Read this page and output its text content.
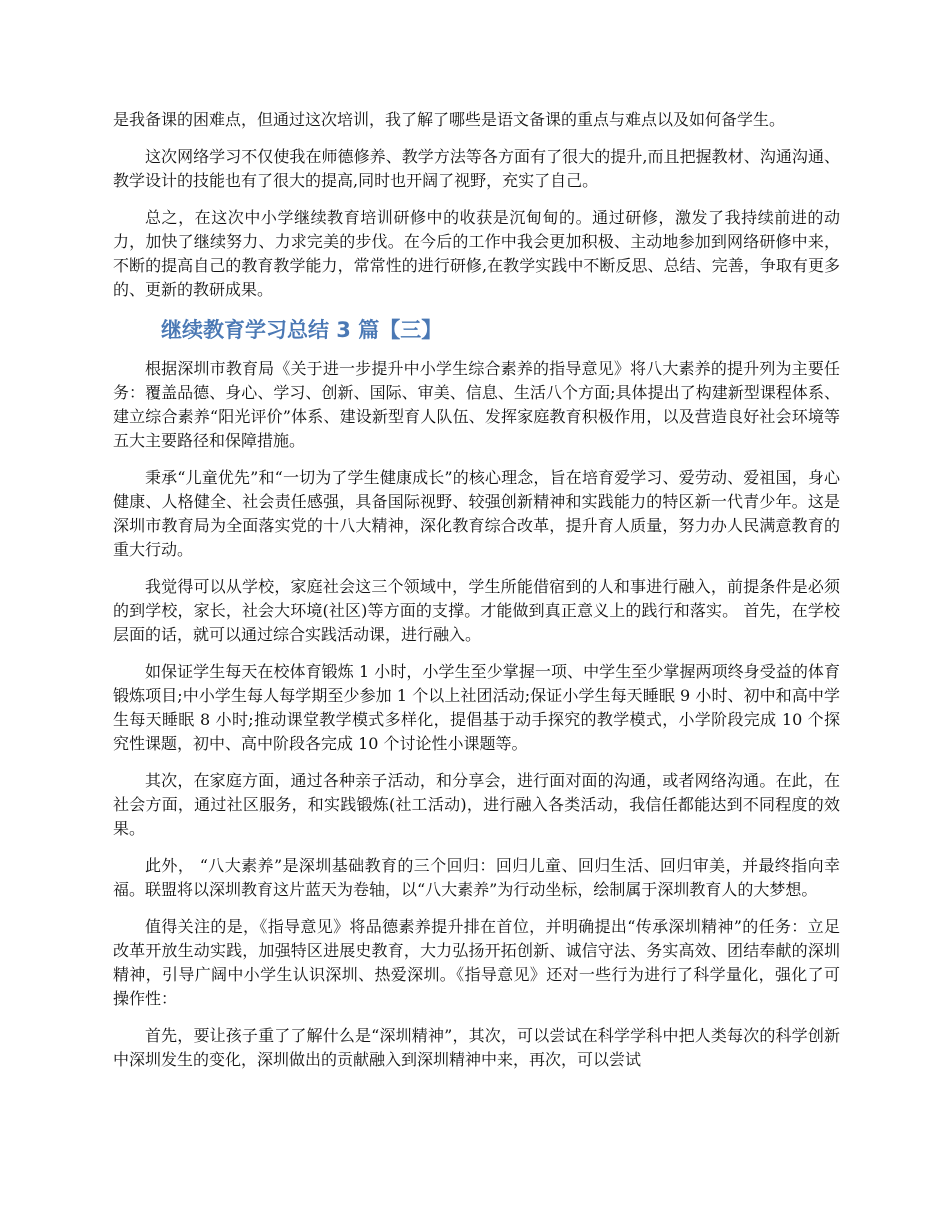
是我备课的困难点，但通过这次培训，我了解了哪些是语文备课的重点与难点以及如何备学生。

这次网络学习不仅使我在师德修养、教学方法等各方面有了很大的提升,而且把握教材、沟通沟通、教学设计的技能也有了很大的提高,同时也开阔了视野，充实了自己。

总之，在这次中小学继续教育培训研修中的收获是沉甸甸的。通过研修，激发了我持续前进的动力，加快了继续努力、力求完美的步伐。在今后的工作中我会更加积极、主动地参加到网络研修中来，不断的提高自己的教育教学能力，常常性的进行研修,在教学实践中不断反思、总结、完善，争取有更多的、更新的教研成果。

继续教育学习总结 3 篇【三】

根据深圳市教育局《关于进一步提升中小学生综合素养的指导意见》将八大素养的提升列为主要任务：覆盖品德、身心、学习、创新、国际、审美、信息、生活八个方面;具体提出了构建新型课程体系、建立综合素养“阳光评价”体系、建设新型育人队伍、发挥家庭教育积极作用，以及营造良好社会环境等五大主要路径和保障措施。

秉承“儿童优先”和“一切为了学生健康成长”的核心理念，旨在培育爱学习、爱劳动、爱祖国，身心健康、人格健全、社会责任感强，具备国际视野、较强创新精神和实践能力的特区新一代青少年。这是深圳市教育局为全面落实党的十八大精神，深化教育综合改革，提升育人质量，努力办人民满意教育的重大行动。

我觉得可以从学校，家庭社会这三个领域中，学生所能借宿到的人和事进行融入，前提条件是必须的到学校，家长，社会大环境(社区)等方面的支撑。才能做到真正意义上的践行和落实。 首先，在学校层面的话，就可以通过综合实践活动课，进行融入。

如保证学生每天在校体育锻炼 1 小时，小学生至少掌握一项、中学生至少掌握两项终身受益的体育锻炼项目;中小学生每人每学期至少参加 1 个以上社团活动;保证小学生每天睡眠 9 小时、初中和高中学生每天睡眠 8 小时;推动课堂教学模式多样化，提倡基于动手探究的教学模式，小学阶段完成 10 个探究性课题，初中、高中阶段各完成 10 个讨论性小课题等。

其次，在家庭方面，通过各种亲子活动，和分享会，进行面对面的沟通，或者网络沟通。在此，在社会方面，通过社区服务，和实践锻炼(社工活动)，进行融入各类活动，我信任都能达到不同程度的效果。

此外， “八大素养”是深圳基础教育的三个回归：回归儿童、回归生活、回归审美，并最终指向幸福。联盟将以深圳教育这片蓝天为卷轴，以“八大素养”为行动坐标，绘制属于深圳教育人的大梦想。

值得关注的是，《指导意见》将品德素养提升排在首位，并明确提出“传承深圳精神”的任务：立足改革开放生动实践，加强特区进展史教育，大力弘扬开拓创新、诚信守法、务实高效、团结奉献的深圳精神，引导广阔中小学生认识深圳、热爱深圳。《指导意见》还对一些行为进行了科学量化，强化了可操作性：

首先，要让孩子重了了解什么是“深圳精神”，其次，可以尝试在科学学科中把人类每次的科学创新中深圳发生的变化，深圳做出的贡献融入到深圳精神中来，再次，可以尝试
